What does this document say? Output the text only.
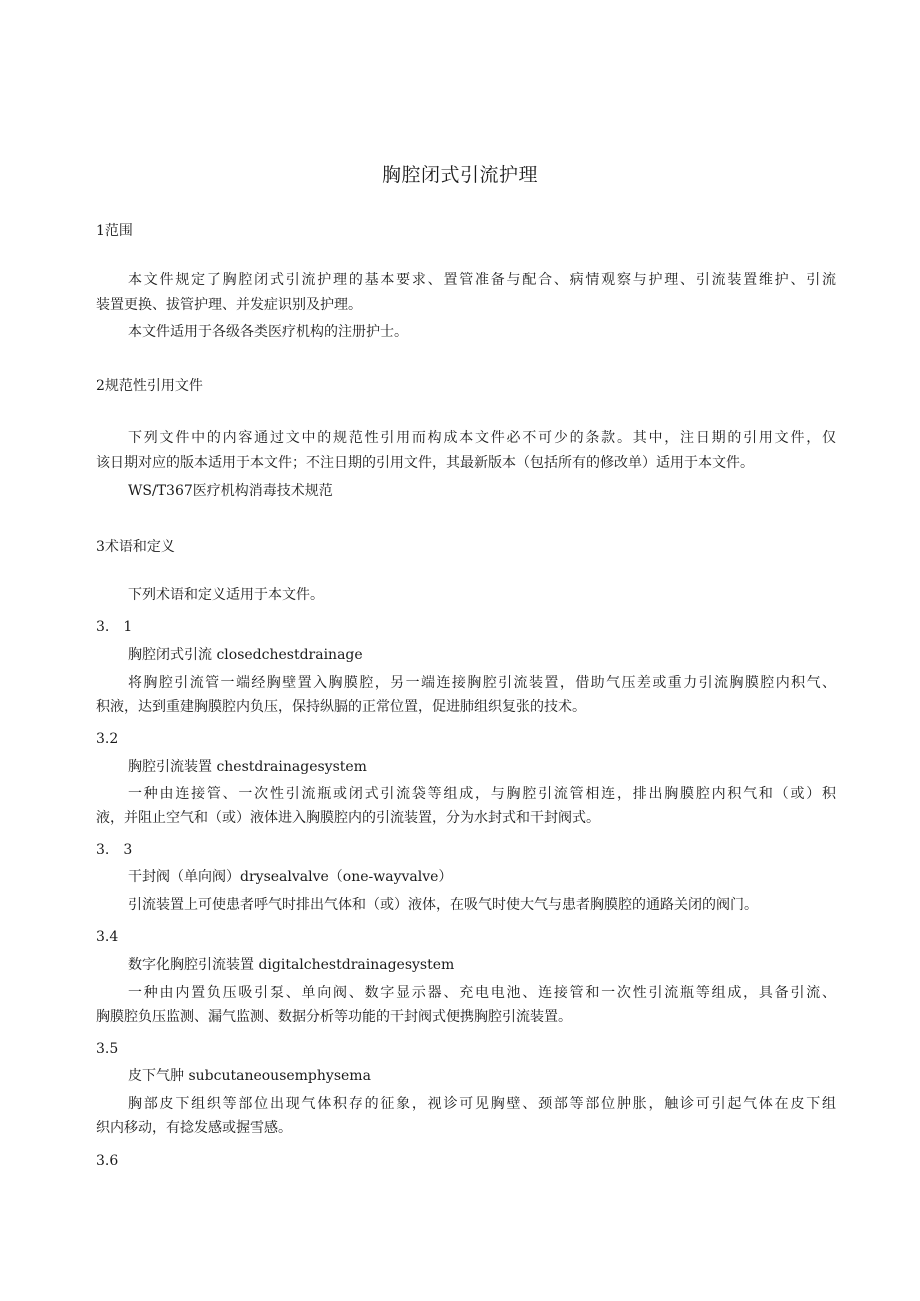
胸腔闭式引流护理
1范围
本文件规定了胸腔闭式引流护理的基本要求、置管准备与配合、病情观察与护理、引流装置维护、引流
装置更换、拔管护理、并发症识别及护理。
本文件适用于各级各类医疗机构的注册护士。
2规范性引用文件
下列文件中的内容通过文中的规范性引用而构成本文件必不可少的条款。其中，注日期的引用文件，仅
该日期对应的版本适用于本文件；不注日期的引用文件，其最新版本（包括所有的修改单）适用于本文件。
WS/T367医疗机构消毒技术规范
3术语和定义
下列术语和定义适用于本文件。
3.　1
胸腔闭式引流 closedchestdrainage
将胸腔引流管一端经胸壁置入胸膜腔，另一端连接胸腔引流装置，借助气压差或重力引流胸膜腔内积气、
积液，达到重建胸膜腔内负压，保持纵膈的正常位置，促进肺组织复张的技术。
3.2
胸腔引流装置 chestdrainagesystem
一种由连接管、一次性引流瓶或闭式引流袋等组成，与胸腔引流管相连，排出胸膜腔内积气和（或）积
液，并阻止空气和（或）液体进入胸膜腔内的引流装置，分为水封式和干封阀式。
3.　3
干封阀（单向阀）drysealvalve（one-wayvalve）
引流装置上可使患者呼气时排出气体和（或）液体，在吸气时使大气与患者胸膜腔的通路关闭的阀门。
3.4
数字化胸腔引流装置 digitalchestdrainagesystem
一种由内置负压吸引泵、单向阀、数字显示器、充电电池、连接管和一次性引流瓶等组成，具备引流、
胸膜腔负压监测、漏气监测、数据分析等功能的干封阀式便携胸腔引流装置。
3.5
皮下气肿 subcutaneousemphysema
胸部皮下组织等部位出现气体积存的征象，视诊可见胸壁、颈部等部位肿胀，触诊可引起气体在皮下组
织内移动，有捻发感或握雪感。
3.6
